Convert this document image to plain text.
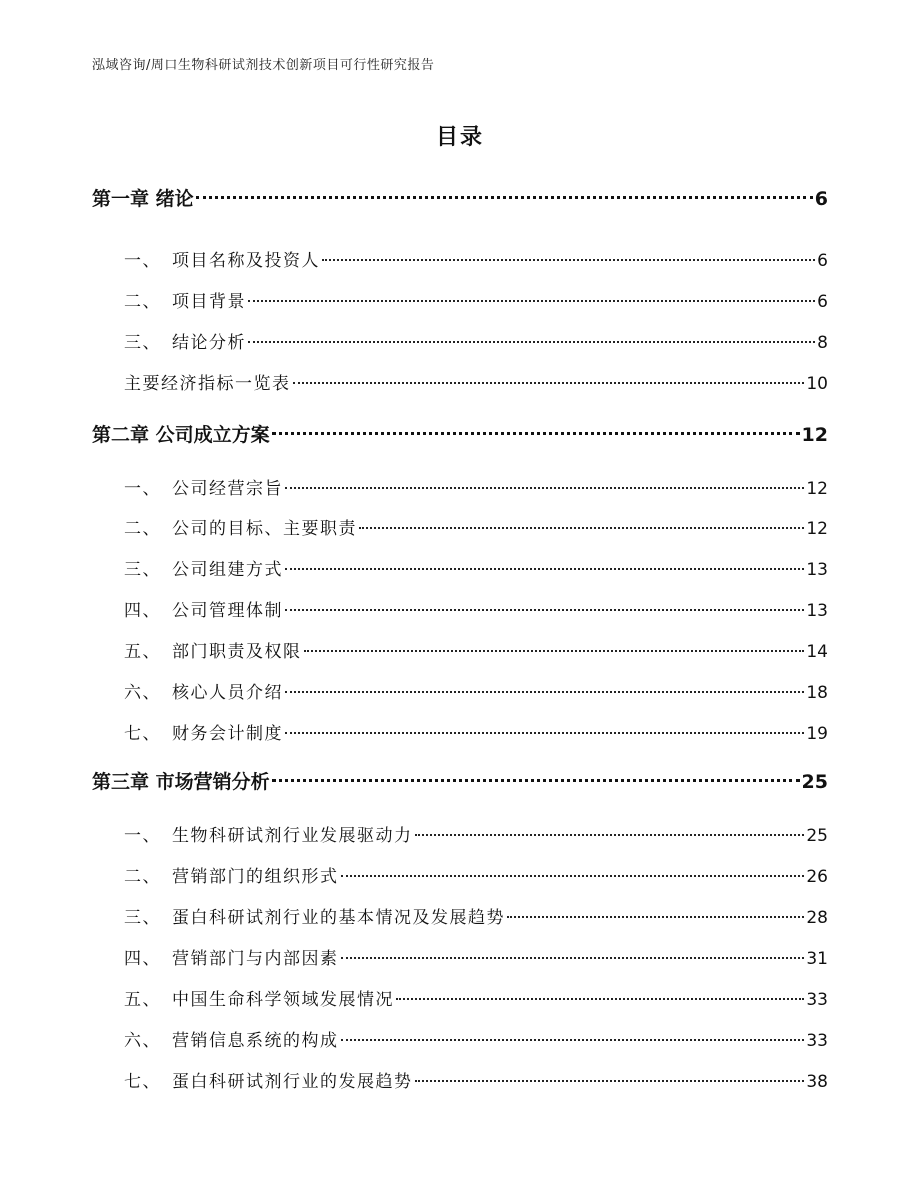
泓域咨询/周口生物科研试剂技术创新项目可行性研究报告
目录
第一章 绪论	6
一、 项目名称及投资人	6
二、 项目背景	6
三、 结论分析	8
主要经济指标一览表	10
第二章 公司成立方案	12
一、 公司经营宗旨	12
二、 公司的目标、主要职责	12
三、 公司组建方式	13
四、 公司管理体制	13
五、 部门职责及权限	14
六、 核心人员介绍	18
七、 财务会计制度	19
第三章 市场营销分析	25
一、 生物科研试剂行业发展驱动力	25
二、 营销部门的组织形式	26
三、 蛋白科研试剂行业的基本情况及发展趋势	28
四、 营销部门与内部因素	31
五、 中国生命科学领域发展情况	33
六、 营销信息系统的构成	33
七、 蛋白科研试剂行业的发展趋势	38
